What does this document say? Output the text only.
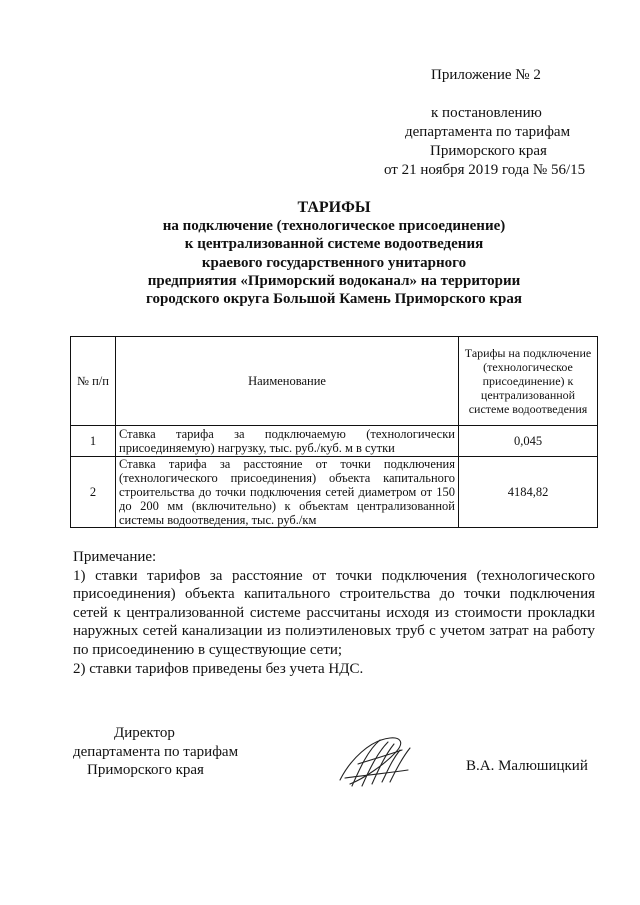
Приложение № 2
к постановлению
департамента по тарифам
Приморского края
от 21 ноября 2019 года № 56/15
ТАРИФЫ
на подключение (технологическое присоединение)
к централизованной системе водоотведения
краевого государственного унитарного
предприятия «Приморский водоканал» на территории
городского округа Большой Камень Приморского края
№ п/п	Наименование	Тарифы на подключение (технологическое присоединение) к централизованной системе водоотведения
1	Ставка тарифа за подключаемую (технологически присоединяемую) нагрузку, тыс. руб./куб. м в сутки	0,045
2	Ставка тарифа за расстояние от точки подключения (технологического присоединения) объекта капитального строительства до точки подключения сетей диаметром от 150 до 200 мм (включительно) к объектам централизованной системы водоотведения, тыс. руб./км	4184,82
Примечание:
1) ставки тарифов за расстояние от точки подключения (технологического присоединения) объекта капитального строительства до точки подключения сетей к централизованной системе рассчитаны исходя из стоимости прокладки наружных сетей канализации из полиэтиленовых труб с учетом затрат на работу по присоединению в существующие сети;
2) ставки тарифов приведены без учета НДС.
Директор
департамента по тарифам
Приморского края	В.А. Малюшицкий
